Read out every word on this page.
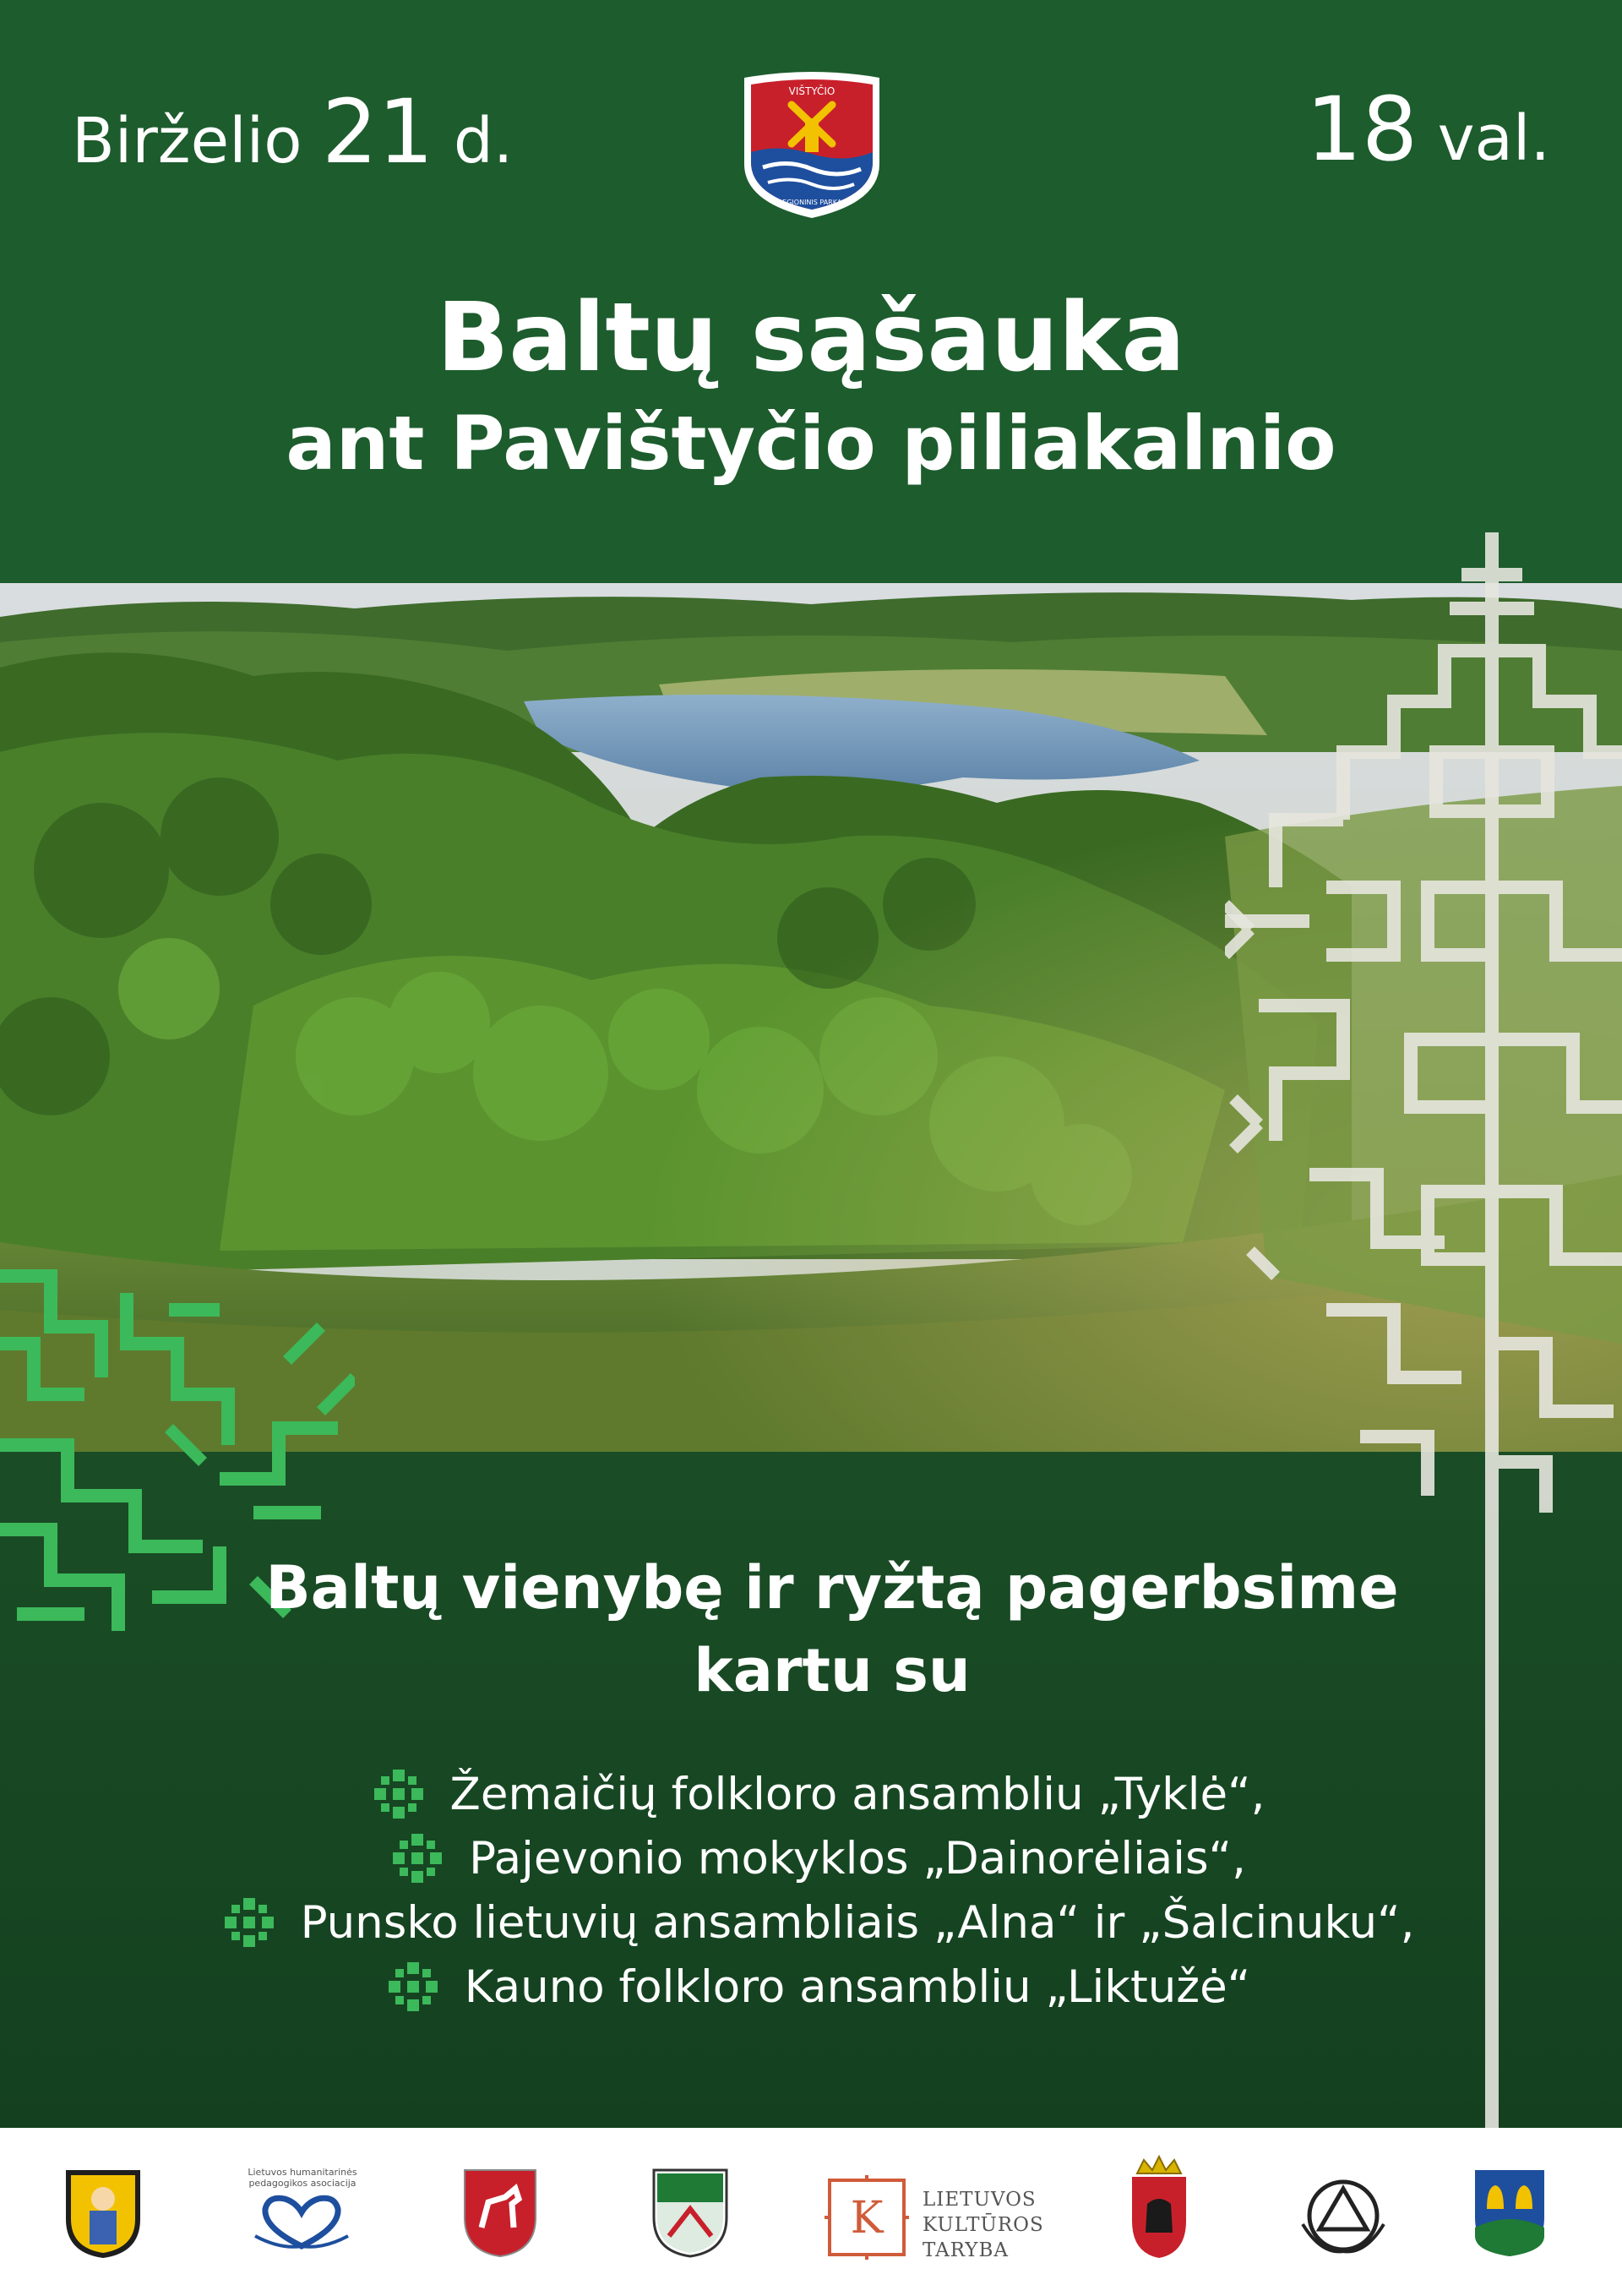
Birželio 21 d.
VIŠTYČIO
REGIONINIS PARKAS
18 val.
Baltų sąšauka
ant Pavištyčio piliakalnio
Baltų vienybę ir ryžtą pagerbsime
kartu su
Žemaičių folkloro ansambliu „Tyklė“,
Pajevonio mokyklos „Dainorėliais“,
Punsko lietuvių ansambliais „Alna“ ir „Šalcinuku“,
Kauno folkloro ansambliu „Liktužė“
Lietuvos humanitarinės pedagogikos asociacija
K LIETUVOS
KULTŪROS
TARYBA
